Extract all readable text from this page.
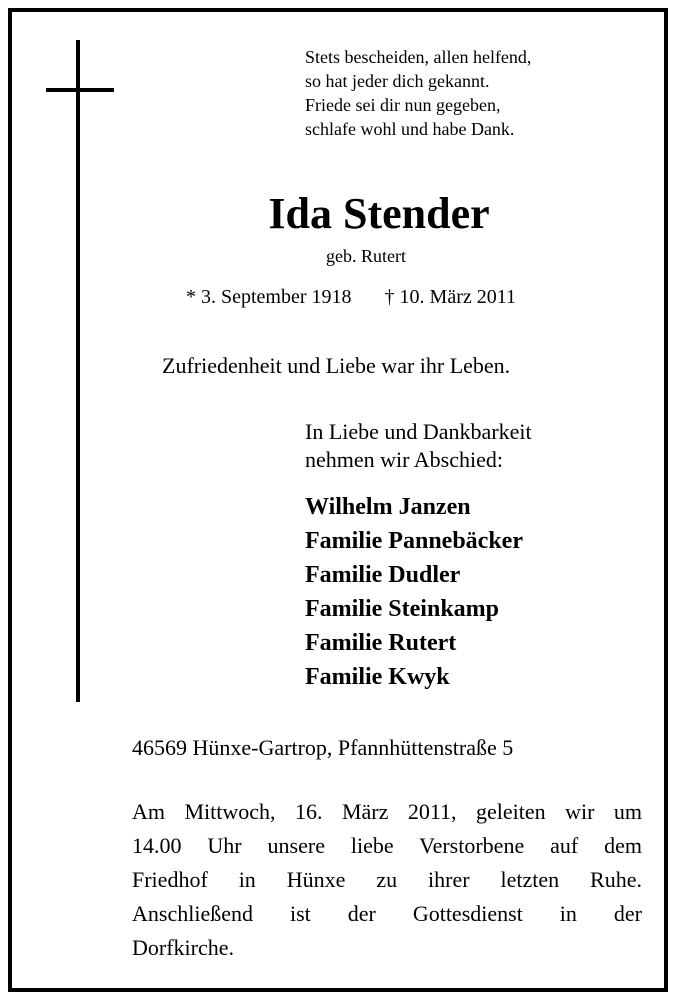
Stets bescheiden, allen helfend,
so hat jeder dich gekannt.
Friede sei dir nun gegeben,
schlafe wohl und habe Dank.
Ida Stender
geb. Rutert
* 3. September 1918 † 10. März 2011
Zufriedenheit und Liebe war ihr Leben.
In Liebe und Dankbarkeit
nehmen wir Abschied:
Wilhelm Janzen
Familie Pannebäcker
Familie Dudler
Familie Steinkamp
Familie Rutert
Familie Kwyk
46569 Hünxe-Gartrop, Pfannhüttenstraße 5
Am Mittwoch, 16. März 2011, geleiten wir um
14.00 Uhr unsere liebe Verstorbene auf dem
Friedhof in Hünxe zu ihrer letzten Ruhe.
Anschließend ist der Gottesdienst in der
Dorfkirche.
